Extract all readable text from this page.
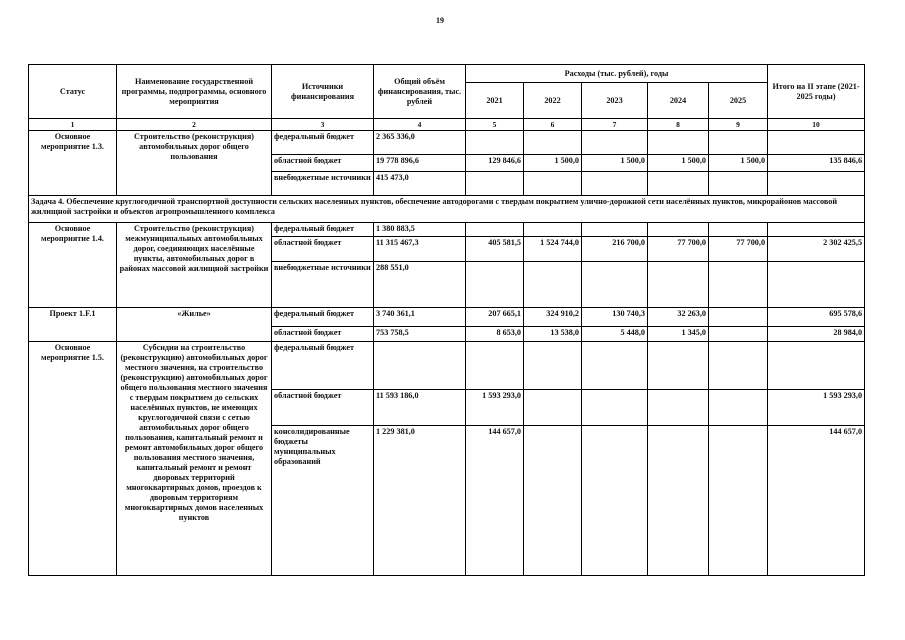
19
Статус	Наименование государственной программы, подпрограммы, основного мероприятия	Источники финансирования	Общий объём финансирования, тыс. рублей	Расходы (тыс. рублей), годы					Итого на II этапе (2021-2025 годы)
				2021	2022	2023	2024	2025	
1	2	3	4	5	6	7	8	9	10
Основное мероприятие 1.3.	Строительство (реконструкция) автомобильных дорог общего пользования	федеральный бюджет	2 365 336,0						
		областной бюджет	19 778 896,6	129 846,6	1 500,0	1 500,0	1 500,0	1 500,0	135 846,6
		внебюджетные источники	415 473,0						
Задача 4. Обеспечение круглогодичной транспортной доступности сельских населенных пунктов, обеспечение автодорогами с твердым покрытием улично-дорожной сети населённых пунктов, микрорайонов массовой жилищной застройки и объектов агропромышленного комплекса									
Основное мероприятие 1.4.	Строительство (реконструкция) межмуниципальных автомобильных дорог, соединяющих населённые пункты, автомобильных дорог в районах массовой жилищной застройки	федеральный бюджет	1 380 883,5						
		областной бюджет	11 315 467,3	405 581,5	1 524 744,0	216 700,0	77 700,0	77 700,0	2 302 425,5
		внебюджетные источники	288 551,0						
Проект 1.F.1	«Жилье»	федеральный бюджет	3 740 361,1	207 665,1	324 910,2	130 740,3	32 263,0		695 578,6
		областной бюджет	753 758,5	8 653,0	13 538,0	5 448,0	1 345,0		28 984,0
Основное мероприятие 1.5.	Субсидии на строительство (реконструкцию) автомобильных дорог местного значения, на строительство (реконструкцию) автомобильных дорог общего пользования местного значения с твердым покрытием до сельских населённых пунктов, не имеющих круглогодичной связи с сетью автомобильных дорог общего пользования, капитальный ремонт и ремонт автомобильных дорог общего пользования местного значения, капитальный ремонт и ремонт дворовых территорий многоквартирных домов, проездов к дворовым территориям многоквартирных домов населенных пунктов	федеральный бюджет							
		областной бюджет	11 593 186,0	1 593 293,0					1 593 293,0
		консолидированные бюджеты муниципальных образований	1 229 381,0	144 657,0					144 657,0
